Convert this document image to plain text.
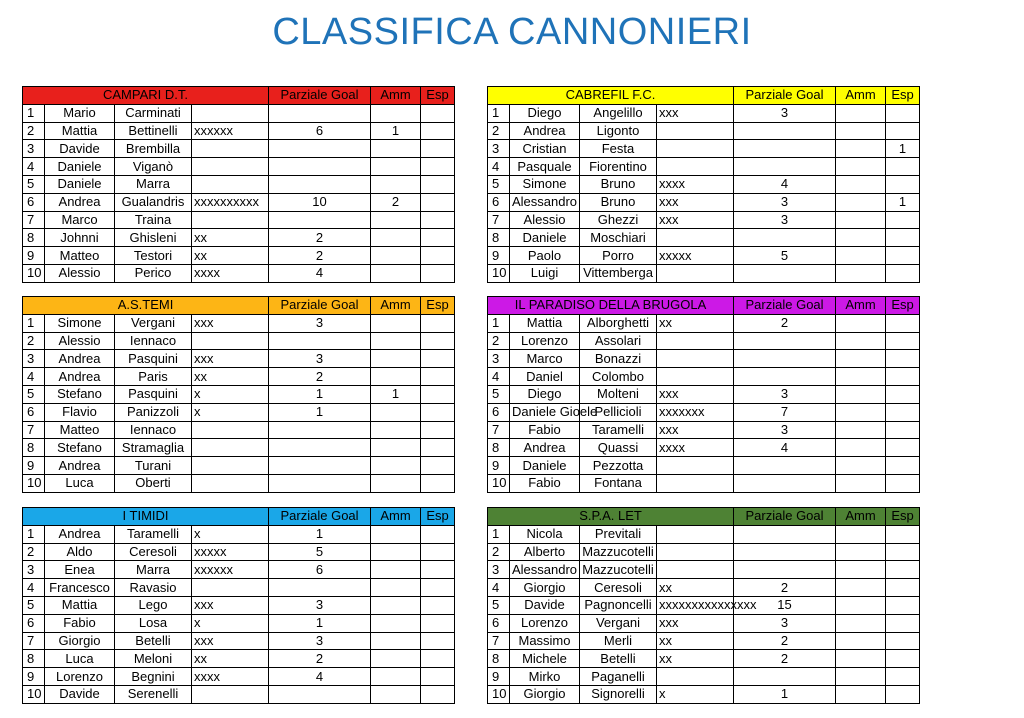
CLASSIFICA CANNONIERI
CAMPARI D.T.				Parziale Goal	Amm	Esp
1	Mario	Carminati				
2	Mattia	Bettinelli	xxxxxx	6	1	
3	Davide	Brembilla				
4	Daniele	Viganò				
5	Daniele	Marra				
6	Andrea	Gualandris	xxxxxxxxxx	10	2	
7	Marco	Traina				
8	Johnni	Ghisleni	xx	2		
9	Matteo	Testori	xx	2		
10	Alessio	Perico	xxxx	4		
CABREFIL F.C.				Parziale Goal	Amm	Esp
1	Diego	Angelillo	xxx	3		
2	Andrea	Ligonto				
3	Cristian	Festa				1
4	Pasquale	Fiorentino				
5	Simone	Bruno	xxxx	4		
6	Alessandro	Bruno	xxx	3		1
7	Alessio	Ghezzi	xxx	3		
8	Daniele	Moschiari				
9	Paolo	Porro	xxxxx	5		
10	Luigi	Vittemberga				
A.S.TEMI				Parziale Goal	Amm	Esp
1	Simone	Vergani	xxx	3		
2	Alessio	Iennaco				
3	Andrea	Pasquini	xxx	3		
4	Andrea	Paris	xx	2		
5	Stefano	Pasquini	x	1	1	
6	Flavio	Panizzoli	x	1		
7	Matteo	Iennaco				
8	Stefano	Stramaglia				
9	Andrea	Turani				
10	Luca	Oberti				
IL PARADISO DELLA BRUGOLA				Parziale Goal	Amm	Esp
1	Mattia	Alborghetti	xx	2		
2	Lorenzo	Assolari				
3	Marco	Bonazzi				
4	Daniel	Colombo				
5	Diego	Molteni	xxx	3		
6	Daniele Gioele	Pellicioli	xxxxxxx	7		
7	Fabio	Taramelli	xxx	3		
8	Andrea	Quassi	xxxx	4		
9	Daniele	Pezzotta				
10	Fabio	Fontana				
I TIMIDI				Parziale Goal	Amm	Esp
1	Andrea	Taramelli	x	1		
2	Aldo	Ceresoli	xxxxx	5		
3	Enea	Marra	xxxxxx	6		
4	Francesco	Ravasio				
5	Mattia	Lego	xxx	3		
6	Fabio	Losa	x	1		
7	Giorgio	Betelli	xxx	3		
8	Luca	Meloni	xx	2		
9	Lorenzo	Begnini	xxxx	4		
10	Davide	Serenelli				
S.P.A. LET				Parziale Goal	Amm	Esp
1	Nicola	Previtali				
2	Alberto	Mazzucotelli				
3	Alessandro	Mazzucotelli				
4	Giorgio	Ceresoli	xx	2		
5	Davide	Pagnoncelli	xxxxxxxxxxxxxxx	15		
6	Lorenzo	Vergani	xxx	3		
7	Massimo	Merli	xx	2		
8	Michele	Betelli	xx	2		
9	Mirko	Paganelli				
10	Giorgio	Signorelli	x	1		
